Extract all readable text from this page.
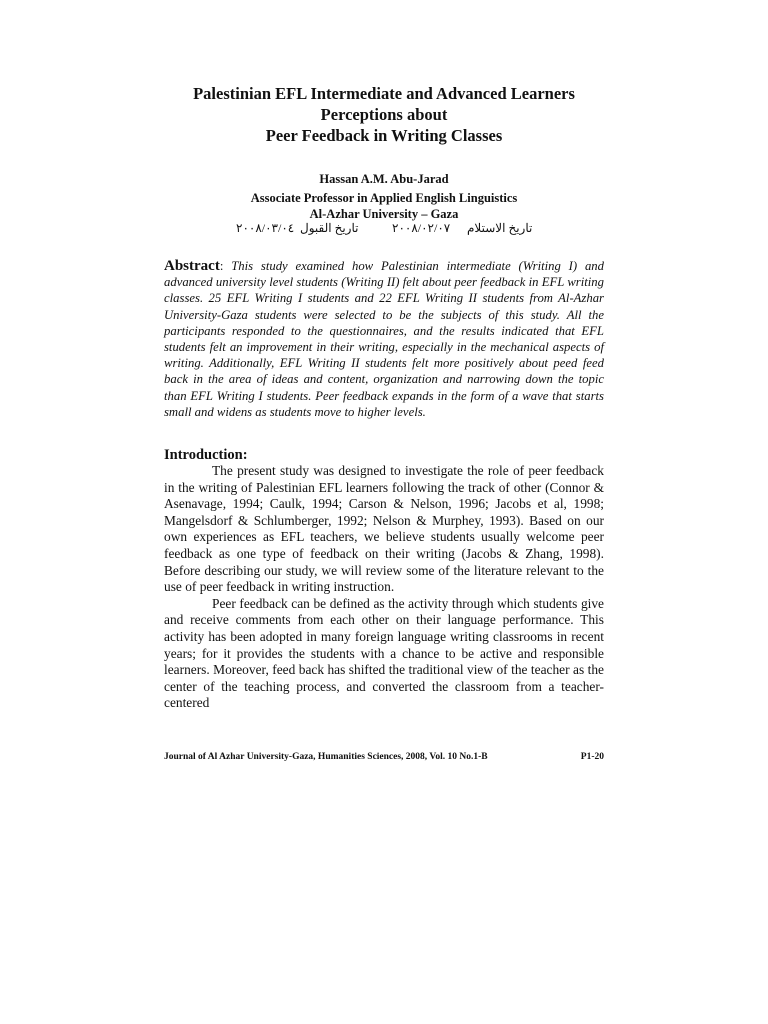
Palestinian EFL Intermediate and Advanced Learners
Perceptions about
Peer Feedback in Writing Classes
Hassan A.M. Abu-Jarad
Associate Professor in Applied English Linguistics
Al-Azhar University – Gaza
٢٠٠٨/٠٣/٠٤ تاريخ القبول	٢٠٠٨/٠٢/٠٧ تاريخ الاستلام
Abstract: This study examined how Palestinian intermediate (Writing I) and advanced university level students (Writing II) felt about peer feedback in EFL writing classes. 25 EFL Writing I students and 22 EFL Writing II students from Al-Azhar University-Gaza students were selected to be the subjects of this study. All the participants responded to the questionnaires, and the results indicated that EFL students felt an improvement in their writing, especially in the mechanical aspects of writing. Additionally, EFL Writing II students felt more positively about peed feed back in the area of ideas and content, organization and narrowing down the topic than EFL Writing I students. Peer feedback expands in the form of a wave that starts small and widens as students move to higher levels.
Introduction:

The present study was designed to investigate the role of peer feedback in the writing of Palestinian EFL learners following the track of other (Connor & Asenavage, 1994; Caulk, 1994; Carson & Nelson, 1996; Jacobs et al, 1998; Mangelsdorf & Schlumberger, 1992; Nelson & Murphey, 1993). Based on our own experiences as EFL teachers, we believe students usually welcome peer feedback as one type of feedback on their writing (Jacobs & Zhang, 1998). Before describing our study, we will review some of the literature relevant to the use of peer feedback in writing instruction.

Peer feedback can be defined as the activity through which students give and receive comments from each other on their language performance. This activity has been adopted in many foreign language writing classrooms in recent years; for it provides the students with a chance to be active and responsible learners. Moreover, feed back has shifted the traditional view of the teacher as the center of the teaching process, and converted the classroom from a teacher-centered

Journal of Al Azhar University-Gaza, Humanities Sciences, 2008, Vol. 10 No.1-B	P1-20
